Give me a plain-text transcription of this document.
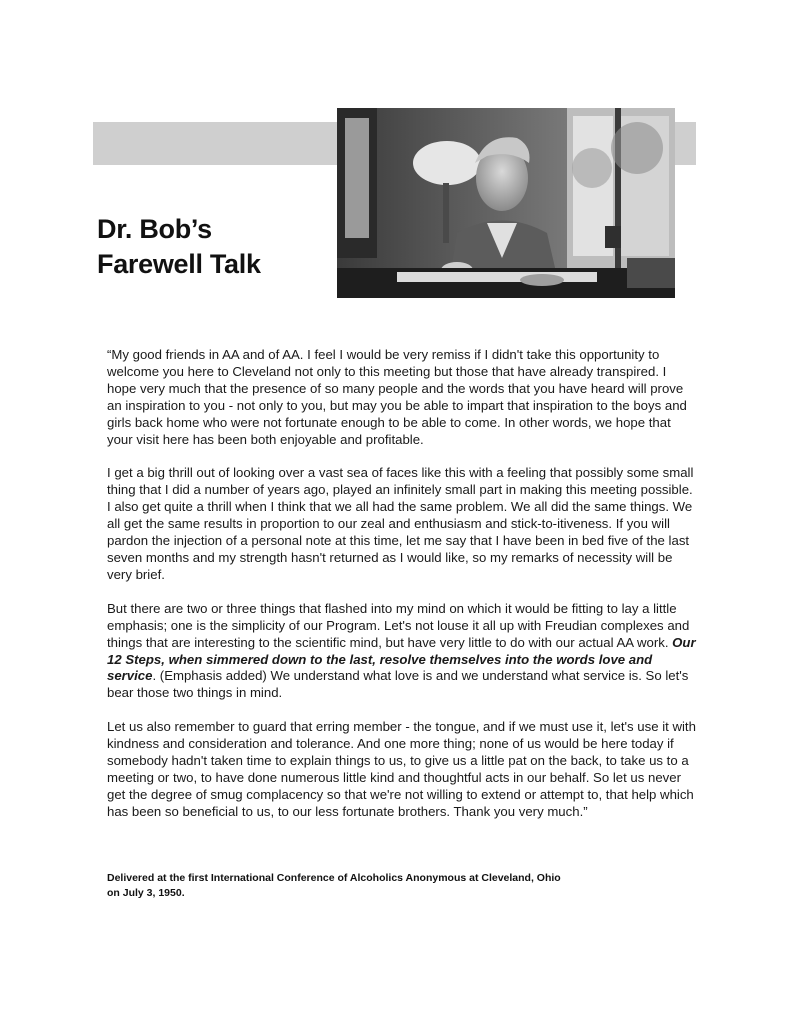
Dr. Bob’s
Farewell Talk

“My good friends in AA and of AA. I feel I would be very remiss if I didn't take this opportunity to welcome you here to Cleveland not only to this meeting but those that have already transpired. I hope very much that the presence of so many people and the words that you have heard will prove an inspiration to you - not only to you, but may you be able to impart that inspiration to the boys and girls back home who were not fortunate enough to be able to come. In other words, we hope that your visit here has been both enjoyable and profitable.

I get a big thrill out of looking over a vast sea of faces like this with a feeling that possibly some small thing that I did a number of years ago, played an infinitely small part in making this meeting possible. I also get quite a thrill when I think that we all had the same problem. We all did the same things. We all get the same results in proportion to our zeal and enthusiasm and stick-to-itiveness. If you will pardon the injection of a personal note at this time, let me say that I have been in bed five of the last seven months and my strength hasn't returned as I would like, so my remarks of necessity will be very brief.

But there are two or three things that flashed into my mind on which it would be fitting to lay a little emphasis; one is the simplicity of our Program. Let's not louse it all up with Freudian complexes and things that are interesting to the scientific mind, but have very little to do with our actual AA work. Our 12 Steps, when simmered down to the last, resolve themselves into the words love and service. (Emphasis added) We understand what love is and we understand what service is. So let's bear those two things in mind.

Let us also remember to guard that erring member - the tongue, and if we must use it, let's use it with kindness and consideration and tolerance. And one more thing; none of us would be here today if somebody hadn't taken time to explain things to us, to give us a little pat on the back, to take us to a meeting or two, to have done numerous little kind and thoughtful acts in our behalf. So let us never get the degree of smug complacency so that we're not willing to extend or attempt to, that help which has been so beneficial to us, to our less fortunate brothers. Thank you very much.”

Delivered at the first International Conference of Alcoholics Anonymous at Cleveland, Ohio
on July 3, 1950.
